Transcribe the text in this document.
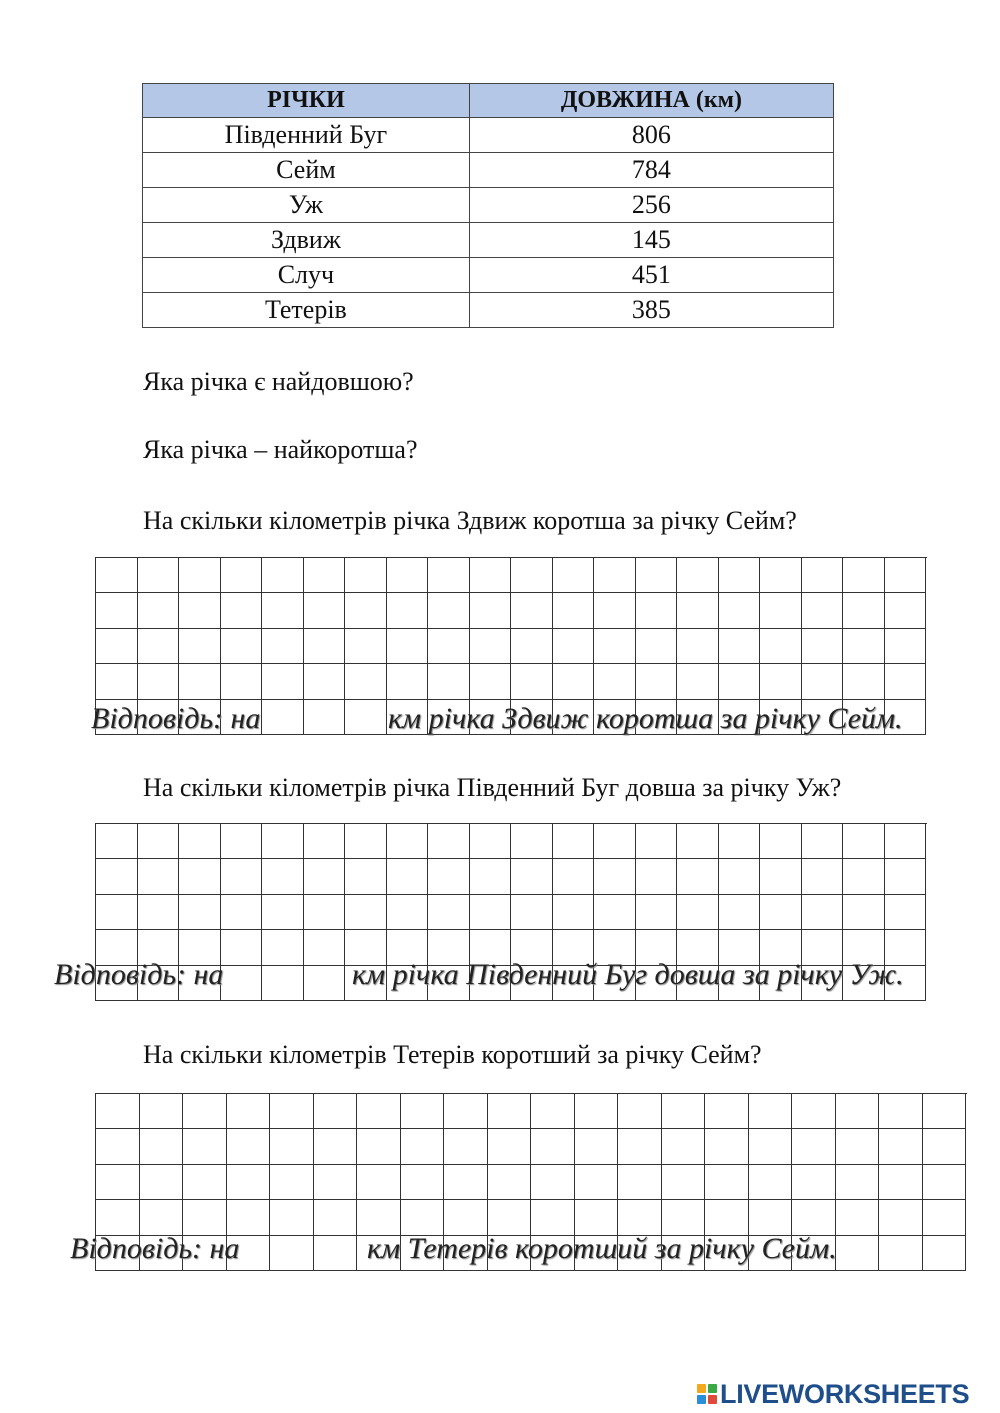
РІЧКИ	ДОВЖИНА (км)
Південний Буг	806
Сейм	784
Уж	256
Здвиж	145
Случ	451
Тетерів	385
Яка річка є найдовшою?
Яка річка – найкоротша?
На скільки кілометрів річка Здвиж коротша за річку Сейм?
Відповідь: на	км річка Здвиж коротша за річку Сейм.
На скільки кілометрів річка Південний Буг довша за річку Уж?
Відповідь: на	км річка Південний Буг довша за річку Уж.
На скільки кілометрів Тетерів коротший за річку Сейм?
Відповідь: на	км Тетерів коротший за річку Сейм.
LIVEWORKSHEETS
